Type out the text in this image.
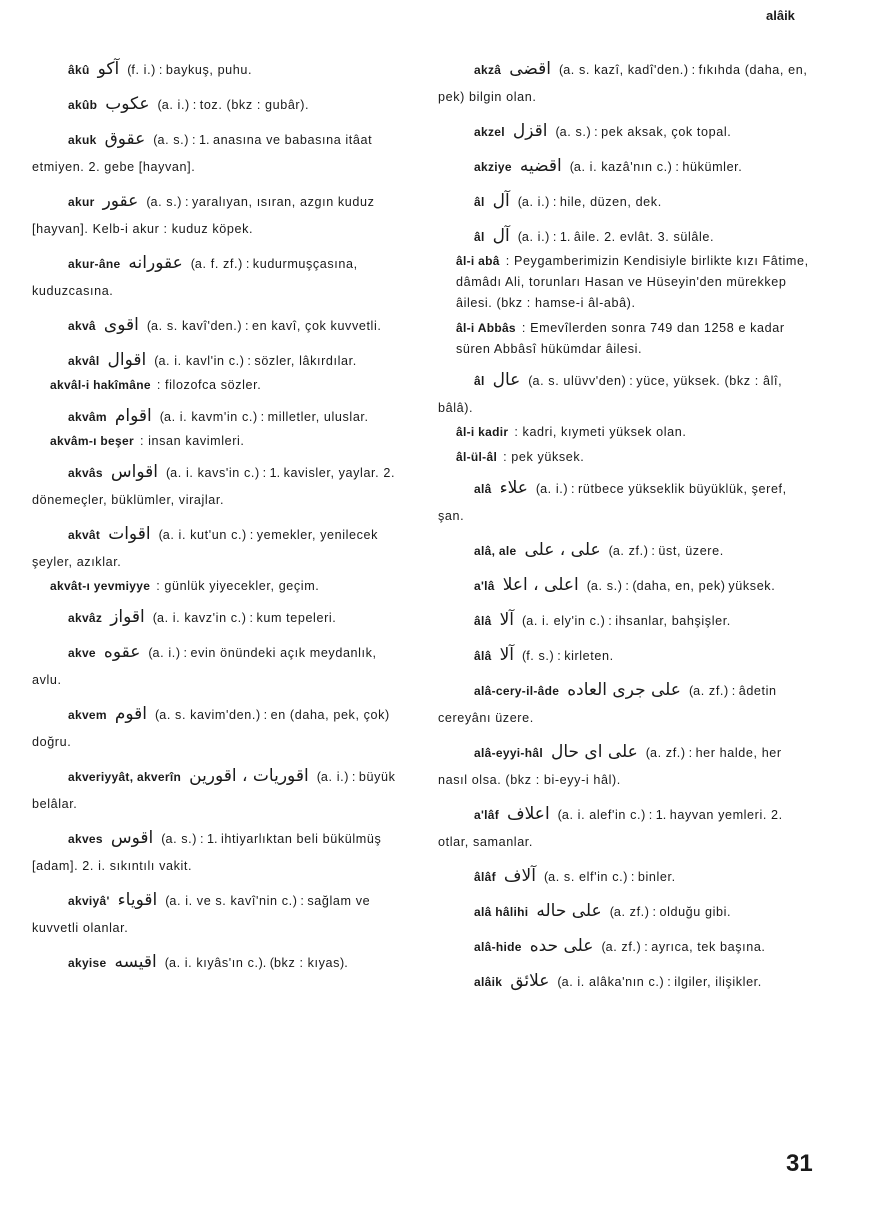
alâik

âkû آكو (f. i.) : baykuş, puhu.

akûb عكوب (a. i.) : toz. (bkz : gubâr).

akuk عقوق (a. s.) : 1. anasına ve babasına itâat etmiyen. 2. gebe [hayvan].

akur عقور (a. s.) : yaralıyan, ısıran, azgın kuduz [hayvan]. Kelb-i akur : kuduz köpek.

akur-âne عقورانه (a. f. zf.) : kudurmuşçasına, kuduzcasına.

akvâ اقوى (a. s. kavî'den.) : en kavî, çok kuvvetli.

akvâl اقوال (a. i. kavl'in c.) : sözler, lâkırdılar.

akvâl-i hakîmâne : filozofca sözler.

akvâm اقوام (a. i. kavm'in c.) : milletler, uluslar.

akvâm-ı beşer : insan kavimleri.

akvâs اقواس (a. i. kavs'in c.) : 1. kavisler, yaylar. 2. dönemeçler, büklümler, virajlar.

akvât اقوات (a. i. kut'un c.) : yemekler, yenilecek şeyler, azıklar.

akvât-ı yevmiyye : günlük yiyecekler, geçim.

akvâz اقواز (a. i. kavz'in c.) : kum tepeleri.

akve عقوه (a. i.) : evin önündeki açık meydanlık, avlu.

akvem اقوم (a. s. kavim'den.) : en (daha, pek, çok) doğru.

akveriyyât, akverîn اقوريات ، اقورين (a. i.) : büyük belâlar.

akves اقوس (a. s.) : 1. ihtiyarlıktan beli bükülmüş [adam]. 2. i. sıkıntılı vakit.

akviyâ' اقوياء (a. i. ve s. kavî'nin c.) : sağlam ve kuvvetli olanlar.

akyise اقيسه (a. i. kıyâs'ın c.). (bkz : kıyas).

akzâ اقضى (a. s. kazî, kadî'den.) : fıkıhda (daha, en, pek) bilgin olan.

akzel اقزل (a. s.) : pek aksak, çok topal.

akziye اقضيه (a. i. kazâ'nın c.) : hükümler.

âl آل (a. i.) : hile, düzen, dek.

âl آل (a. i.) : 1. âile. 2. evlât. 3. sülâle.

âl-i abâ : Peygamberimizin Kendisiyle birlikte kızı Fâtime, dâmâdı Ali, torunları Hasan ve Hüseyin'den mürekkep âilesi. (bkz : hamse-i âl-abâ).

âl-i Abbâs : Emevîlerden sonra 749 dan 1258 e kadar süren Abbâsî hükümdar âilesi.

âl عال (a. s. ulüvv'den) : yüce, yüksek. (bkz : âlî, bâlâ).

âl-i kadir : kadri, kıymeti yüksek olan.

âl-ül-âl : pek yüksek.

alâ علاء (a. i.) : rütbece yükseklik büyüklük, şeref, şan.

alâ, ale على ، علی (a. zf.) : üst, üzere.

a'lâ اعلى ، اعلا (a. s.) : (daha, en, pek) yüksek.

âlâ آلا (a. i. ely'in c.) : ihsanlar, bahşişler.

âlâ آلا (f. s.) : kirleten.

alâ-cery-il-âde على جرى العاده (a. zf.) : âdetin cereyânı üzere.

alâ-eyyi-hâl على اى حال (a. zf.) : her halde, her nasıl olsa. (bkz : bi-eyy-i hâl).

a'lâf اعلاف (a. i. alef'in c.) : 1. hayvan yemleri. 2. otlar, samanlar.

âlâf آلاف (a. s. elf'in c.) : binler.

alâ hâlihi على حاله (a. zf.) : olduğu gibi.

alâ-hide على حده (a. zf.) : ayrıca, tek başına.

alâik علائق (a. i. alâka'nın c.) : ilgiler, ilişikler.

31
